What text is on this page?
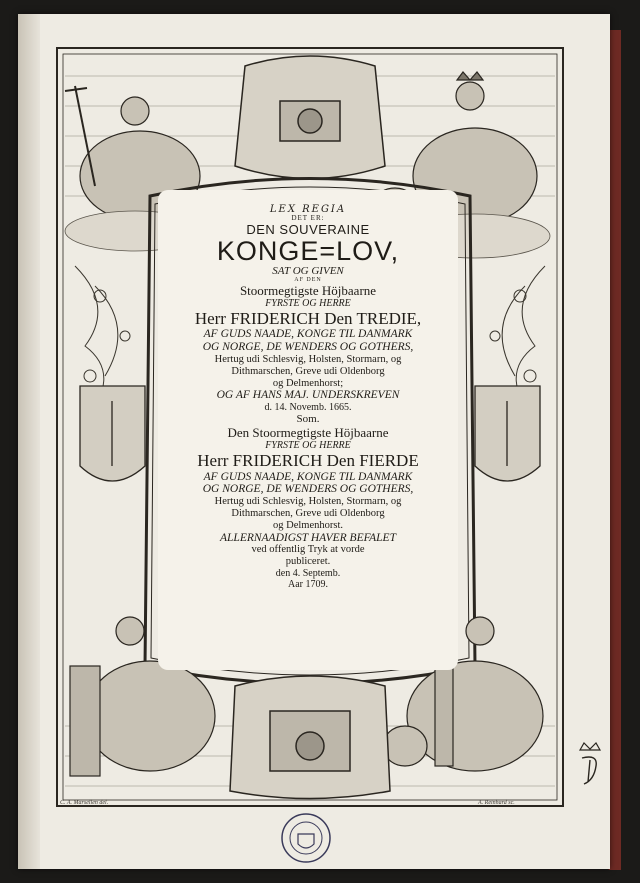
LEX REGIA
DET ER:
DEN SOUVERAINE
KONGE=LOV,
SAT OG GIVEN
AF DEN
Stoormegtigste Höjbaarne
FYRSTE OG HERRE
Herr FRIDERICH Den TREDIE,
AF GUDS NAADE, KONGE TIL DANMARK
OG NORGE, DE WENDERS OG GOTHERS,
Hertug udi Schlesvig, Holsten, Stormarn, og
Dithmarschen, Greve udi Oldenborg
og Delmenhorst;
OG AF HANS MAJ. UNDERSKREVEN
d. 14. Novemb. 1665.
Som.
Den Stoormegtigste Höjbaarne
FYRSTE OG HERRE
Herr FRIDERICH Den FIERDE
AF GUDS NAADE, KONGE TIL DANMARK
OG NORGE, DE WENDERS OG GOTHERS,
Hertug udi Schlesvig, Holsten, Stormarn, og
Dithmarschen, Greve udi Oldenborg
og Delmenhorst.
ALLERNAADIGST HAVER BEFALET
ved offentlig Tryk at vorde
publiceret.
den 4. Septemb.
Aar 1709.
C. A. Marsellen del.	A. Reinhard sc.
